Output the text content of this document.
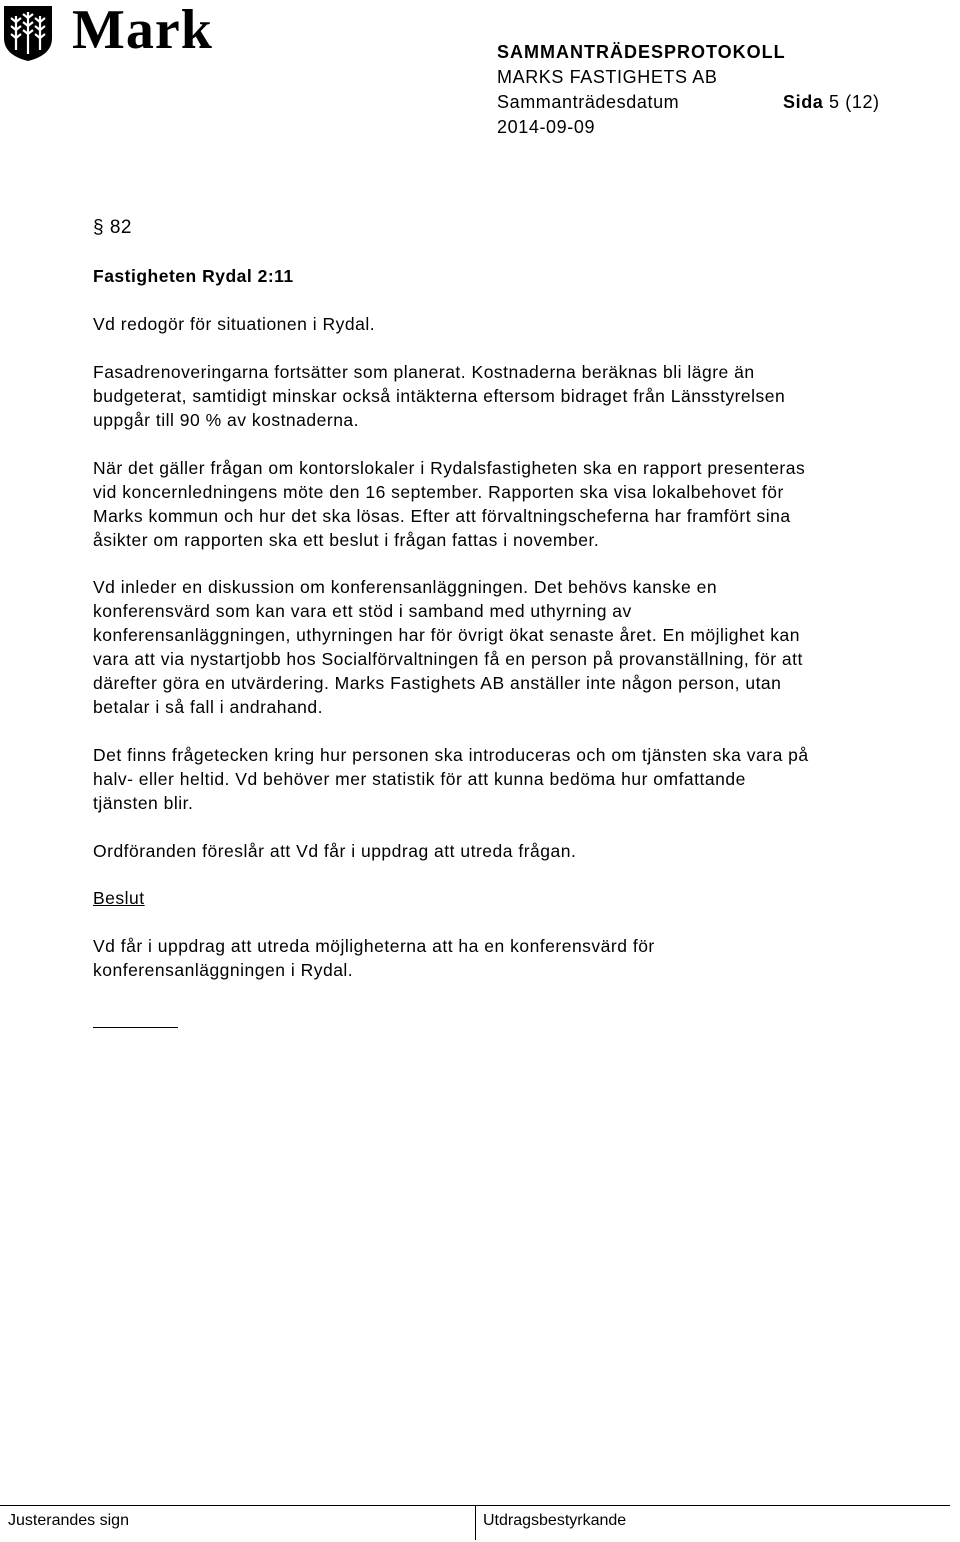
Mark	SAMMANTRÄDESPROTOKOLL
MARKS FASTIGHETS AB
Sammanträdesdatum	Sida 5 (12)
2014-09-09
§ 82
Fastigheten Rydal 2:11
Vd redogör för situationen i Rydal.
Fasadrenoveringarna fortsätter som planerat. Kostnaderna beräknas bli lägre än
budgeterat, samtidigt minskar också intäkterna eftersom bidraget från Länsstyrelsen
uppgår till 90 % av kostnaderna.
När det gäller frågan om kontorslokaler i Rydalsfastigheten ska en rapport presenteras
vid koncernledningens möte den 16 september. Rapporten ska visa lokalbehovet för
Marks kommun och hur det ska lösas. Efter att förvaltningscheferna har framfört sina
åsikter om rapporten ska ett beslut i frågan fattas i november.
Vd inleder en diskussion om konferensanläggningen. Det behövs kanske en
konferensvärd som kan vara ett stöd i samband med uthyrning av
konferensanläggningen, uthyrningen har för övrigt ökat senaste året. En möjlighet kan
vara att via nystartjobb hos Socialförvaltningen få en person på provanställning, för att
därefter göra en utvärdering. Marks Fastighets AB anställer inte någon person, utan
betalar i så fall i andrahand.
Det finns frågetecken kring hur personen ska introduceras och om tjänsten ska vara på
halv- eller heltid. Vd behöver mer statistik för att kunna bedöma hur omfattande
tjänsten blir.
Ordföranden föreslår att Vd får i uppdrag att utreda frågan.
Beslut
Vd får i uppdrag att utreda möjligheterna att ha en konferensvärd för
konferensanläggningen i Rydal.
Justerandes sign	Utdragsbestyrkande
